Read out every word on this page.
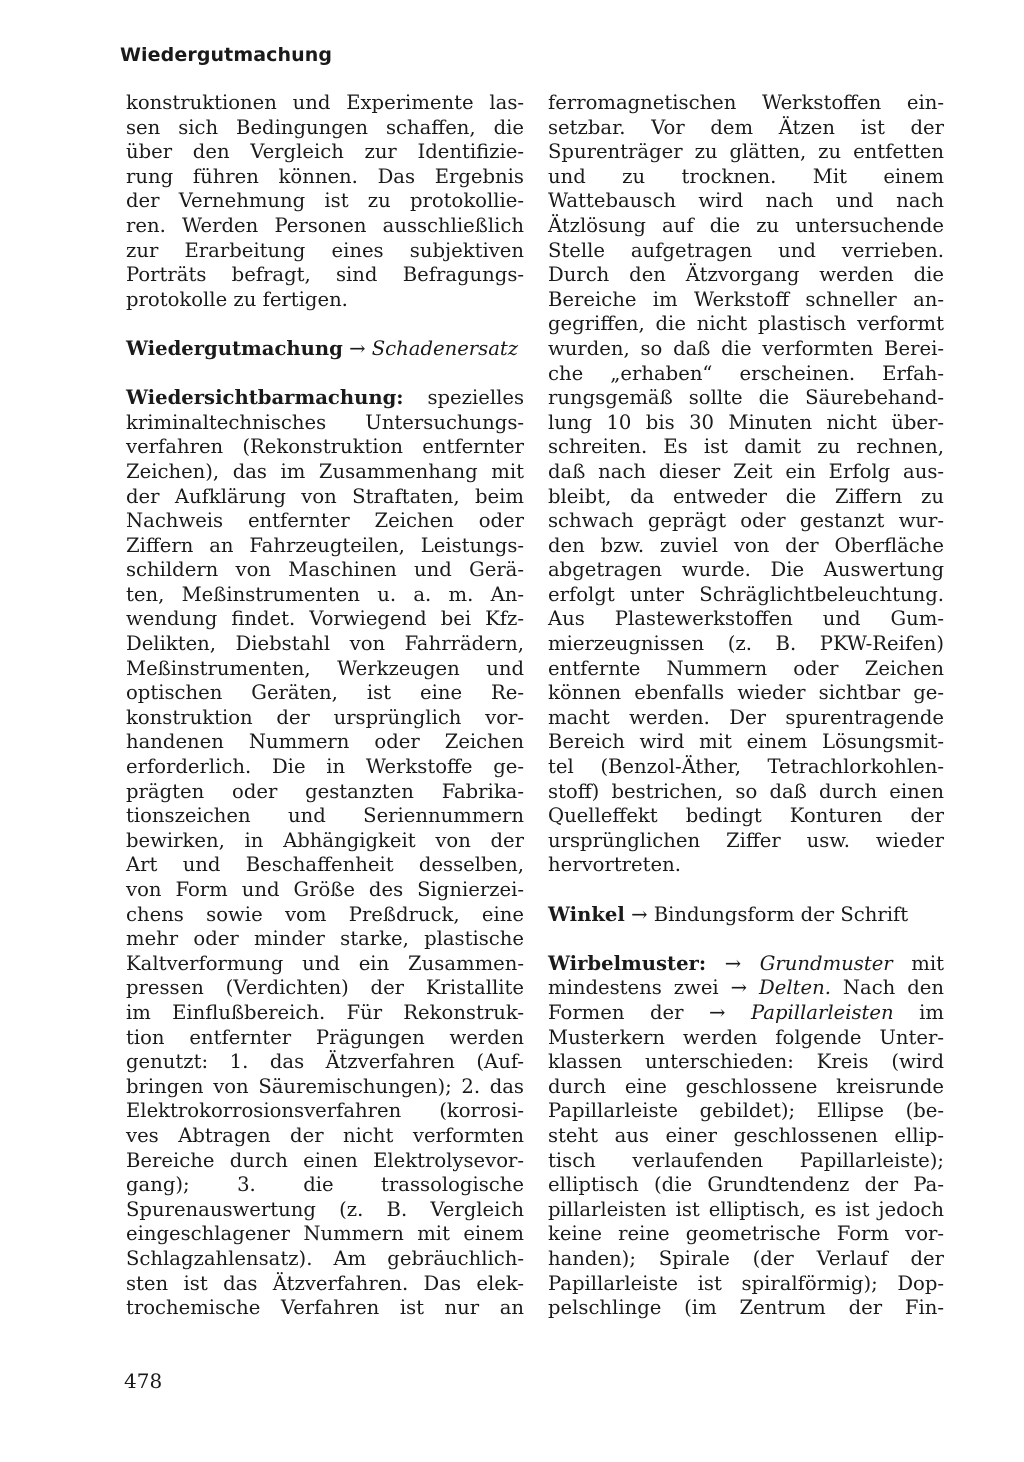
Wiedergutmachung
konstruktionen und Experimente las-
sen sich Bedingungen schaffen, die
über den Vergleich zur Identifizie-
rung führen können. Das Ergebnis
der Vernehmung ist zu protokollie-
ren. Werden Personen ausschließlich
zur Erarbeitung eines subjektiven
Porträts befragt, sind Befragungs-
protokolle zu fertigen.
Wiedergutmachung → Schadenersatz
Wiedersichtbarmachung: spezielles
kriminaltechnisches Untersuchungs-
verfahren (Rekonstruktion entfernter
Zeichen), das im Zusammenhang mit
der Aufklärung von Straftaten, beim
Nachweis entfernter Zeichen oder
Ziffern an Fahrzeugteilen, Leistungs-
schildern von Maschinen und Gerä-
ten, Meßinstrumenten u. a. m. An-
wendung findet. Vorwiegend bei Kfz-
Delikten, Diebstahl von Fahrrädern,
Meßinstrumenten, Werkzeugen und
optischen Geräten, ist eine Re-
konstruktion der ursprünglich vor-
handenen Nummern oder Zeichen
erforderlich. Die in Werkstoffe ge-
prägten oder gestanzten Fabrika-
tionszeichen und Seriennummern
bewirken, in Abhängigkeit von der
Art und Beschaffenheit desselben,
von Form und Größe des Signierzei-
chens sowie vom Preßdruck, eine
mehr oder minder starke, plastische
Kaltverformung und ein Zusammen-
pressen (Verdichten) der Kristallite
im Einflußbereich. Für Rekonstruk-
tion entfernter Prägungen werden
genutzt: 1. das Ätzverfahren (Auf-
bringen von Säuremischungen); 2. das
Elektrokorrosionsverfahren (korrosi-
ves Abtragen der nicht verformten
Bereiche durch einen Elektrolysevor-
gang); 3. die trassologische
Spurenauswertung (z. B. Vergleich
eingeschlagener Nummern mit einem
Schlagzahlensatz). Am gebräuchlich-
sten ist das Ätzverfahren. Das elek-
trochemische Verfahren ist nur an
ferromagnetischen Werkstoffen ein-
setzbar. Vor dem Ätzen ist der
Spurenträger zu glätten, zu entfetten
und zu trocknen. Mit einem
Wattebausch wird nach und nach
Ätzlösung auf die zu untersuchende
Stelle aufgetragen und verrieben.
Durch den Ätzvorgang werden die
Bereiche im Werkstoff schneller an-
gegriffen, die nicht plastisch verformt
wurden, so daß die verformten Berei-
che „erhaben“ erscheinen. Erfah-
rungsgemäß sollte die Säurebehand-
lung 10 bis 30 Minuten nicht über-
schreiten. Es ist damit zu rechnen,
daß nach dieser Zeit ein Erfolg aus-
bleibt, da entweder die Ziffern zu
schwach geprägt oder gestanzt wur-
den bzw. zuviel von der Oberfläche
abgetragen wurde. Die Auswertung
erfolgt unter Schräglichtbeleuchtung.
Aus Plastewerkstoffen und Gum-
mierzeugnissen (z. B. PKW-Reifen)
entfernte Nummern oder Zeichen
können ebenfalls wieder sichtbar ge-
macht werden. Der spurentragende
Bereich wird mit einem Lösungsmit-
tel (Benzol-Äther, Tetrachlorkohlen-
stoff) bestrichen, so daß durch einen
Quelleffekt bedingt Konturen der
ursprünglichen Ziffer usw. wieder
hervortreten.
Winkel → Bindungsform der Schrift
Wirbelmuster: → Grundmuster mit
mindestens zwei → Delten. Nach den
Formen der → Papillarleisten im
Musterkern werden folgende Unter-
klassen unterschieden: Kreis (wird
durch eine geschlossene kreisrunde
Papillarleiste gebildet); Ellipse (be-
steht aus einer geschlossenen ellip-
tisch verlaufenden Papillarleiste);
elliptisch (die Grundtendenz der Pa-
pillarleisten ist elliptisch, es ist jedoch
keine reine geometrische Form vor-
handen); Spirale (der Verlauf der
Papillarleiste ist spiralförmig); Dop-
pelschlinge (im Zentrum der Fin-
478
